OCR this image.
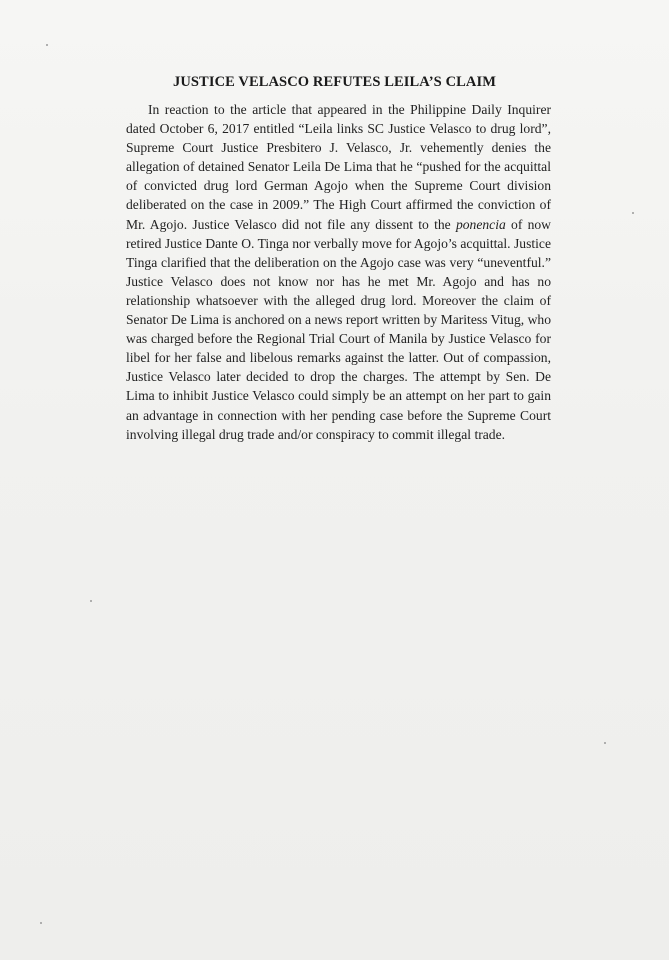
JUSTICE VELASCO REFUTES LEILA’S CLAIM
In reaction to the article that appeared in the Philippine Daily Inquirer dated October 6, 2017 entitled “Leila links SC Justice Velasco to drug lord”, Supreme Court Justice Presbitero J. Velasco, Jr. vehemently denies the allegation of detained Senator Leila De Lima that he “pushed for the acquittal of convicted drug lord German Agojo when the Supreme Court division deliberated on the case in 2009.” The High Court affirmed the conviction of Mr. Agojo. Justice Velasco did not file any dissent to the ponencia of now retired Justice Dante O. Tinga nor verbally move for Agojo’s acquittal. Justice Tinga clarified that the deliberation on the Agojo case was very “uneventful.” Justice Velasco does not know nor has he met Mr. Agojo and has no relationship whatsoever with the alleged drug lord. Moreover the claim of Senator De Lima is anchored on a news report written by Maritess Vitug, who was charged before the Regional Trial Court of Manila by Justice Velasco for libel for her false and libelous remarks against the latter. Out of compassion, Justice Velasco later decided to drop the charges. The attempt by Sen. De Lima to inhibit Justice Velasco could simply be an attempt on her part to gain an advantage in connection with her pending case before the Supreme Court involving illegal drug trade and/or conspiracy to commit illegal trade.
